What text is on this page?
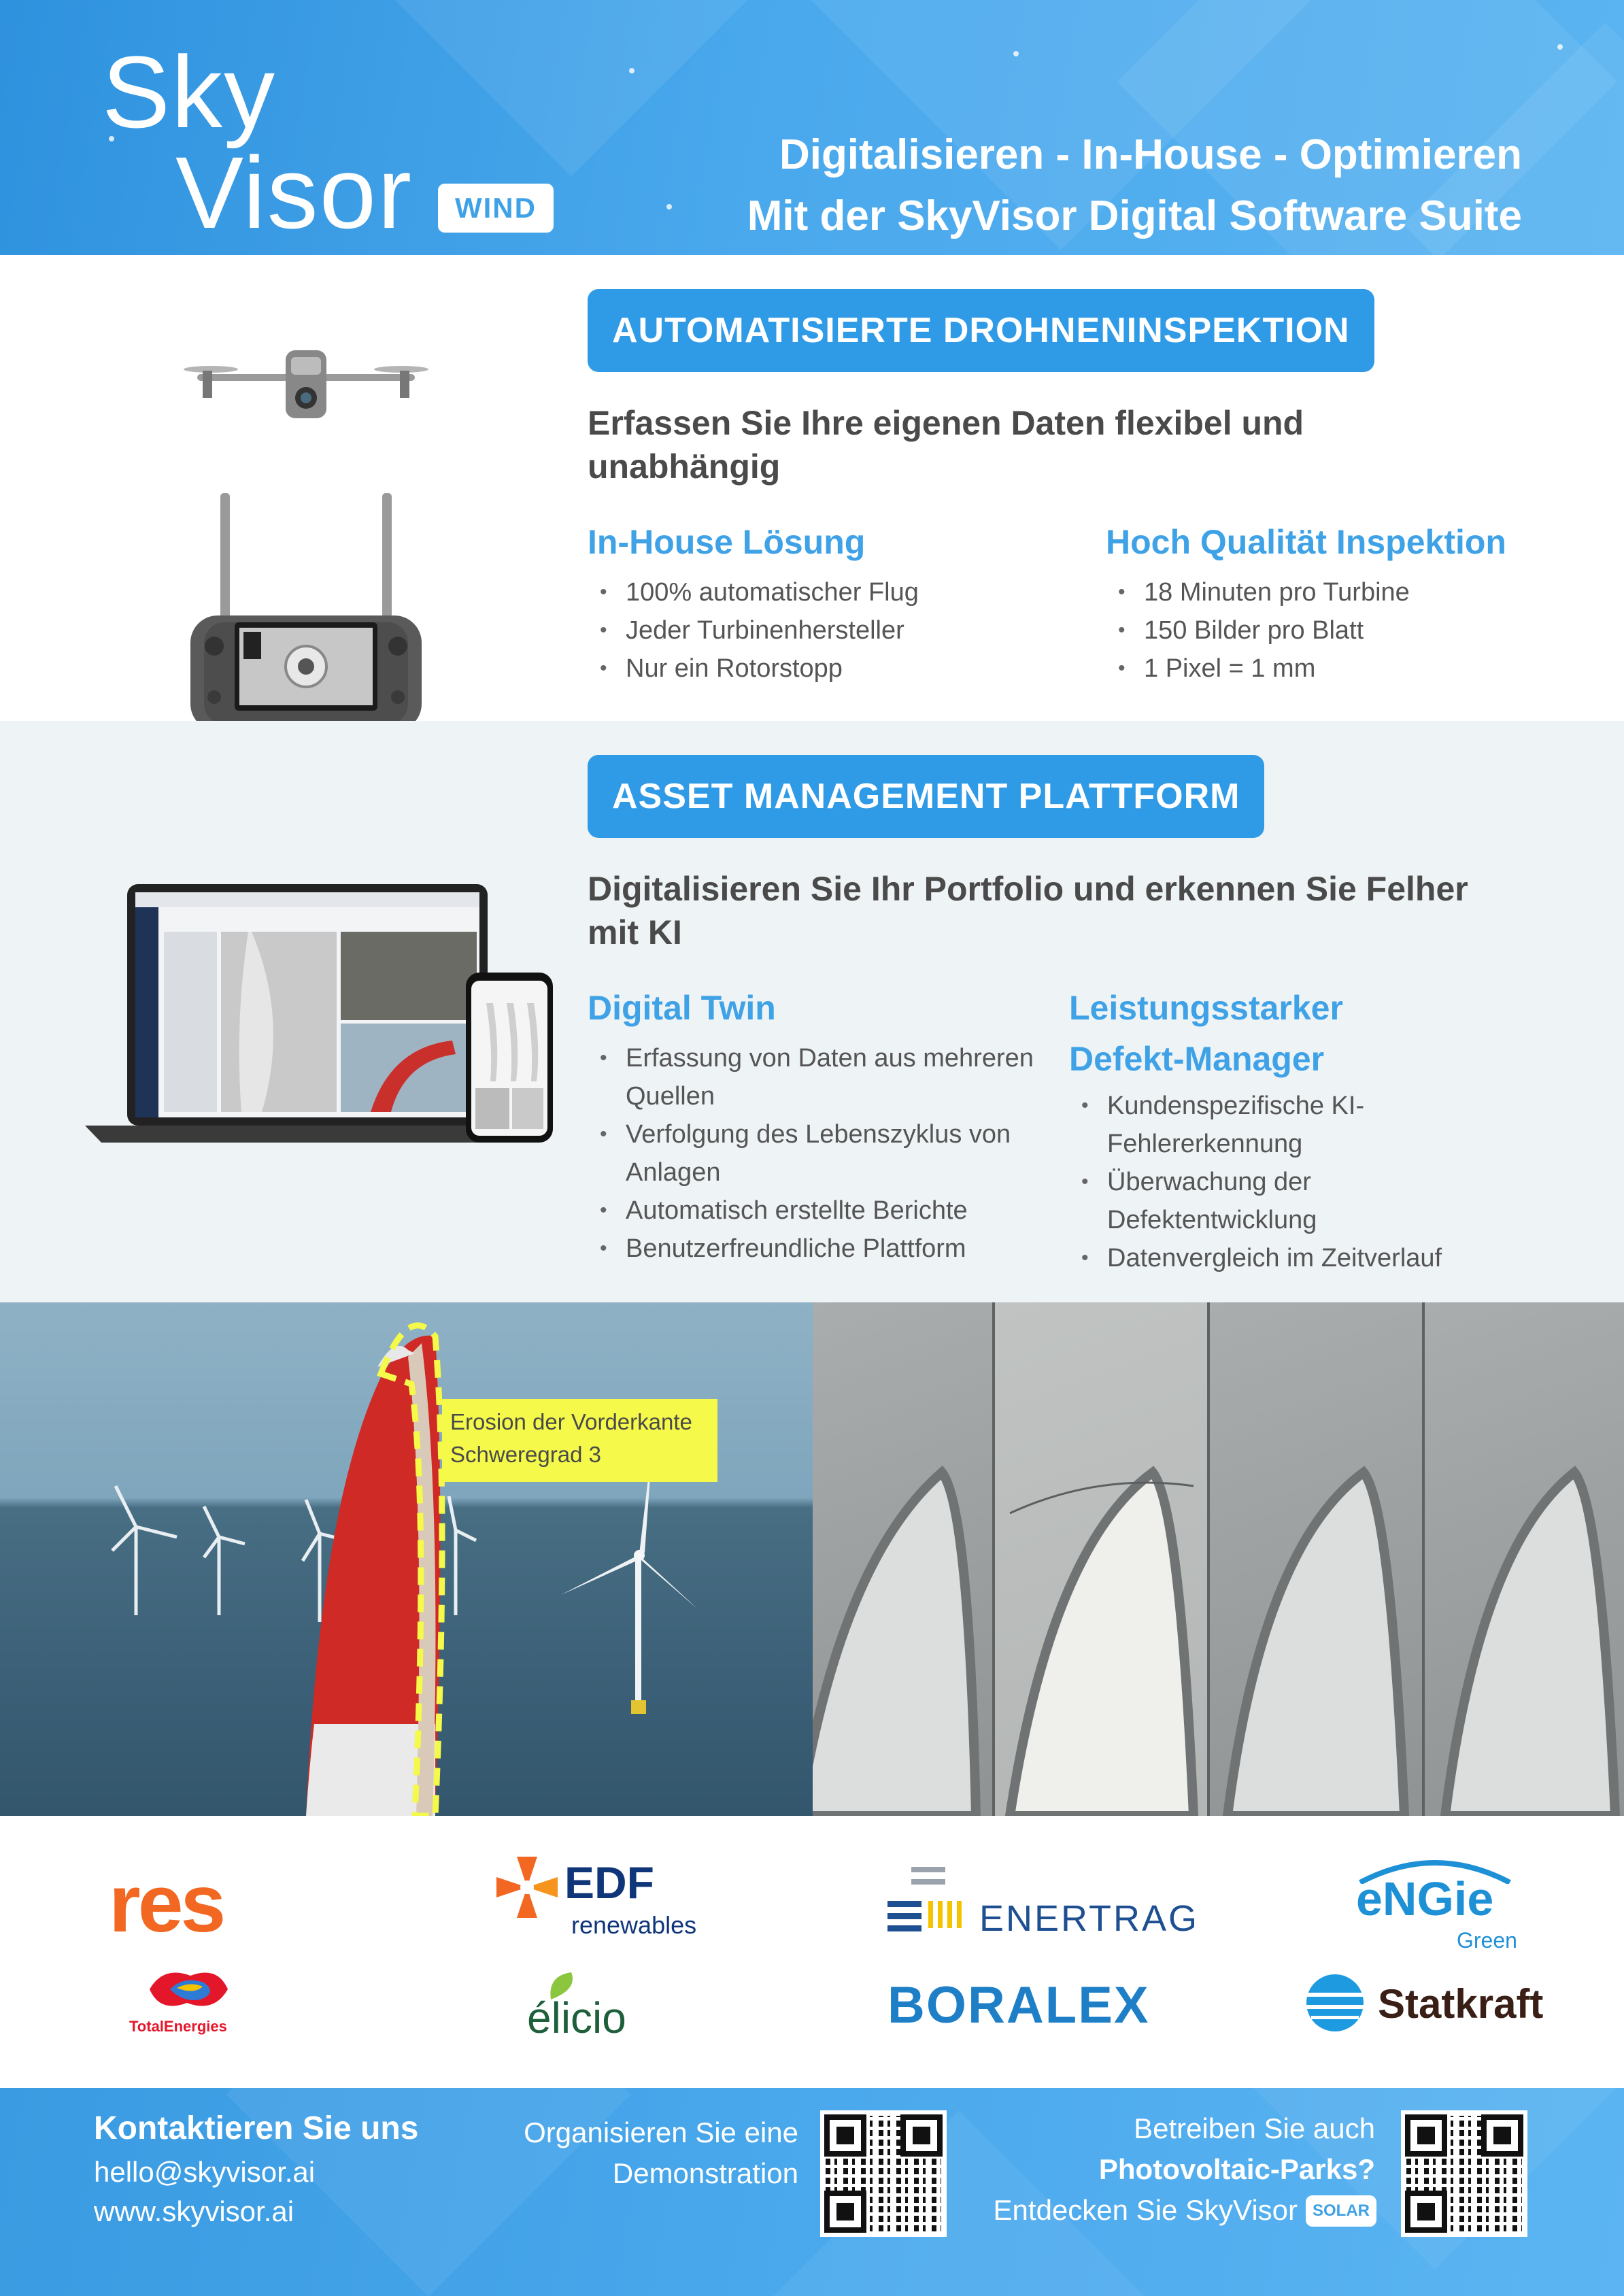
Sky
Visor	WIND
Digitalisieren - In-House - Optimieren
Mit der SkyVisor Digital Software Suite
AUTOMATISIERTE DROHNENINSPEKTION
Erfassen Sie Ihre eigenen Daten flexibel und unabhängig
In-House Lösung
• 100% automatischer Flug
• Jeder Turbinenhersteller
• Nur ein Rotorstopp
Hoch Qualität Inspektion
• 18 Minuten pro Turbine
• 150 Bilder pro Blatt
• 1 Pixel = 1 mm
ASSET MANAGEMENT PLATTFORM
Digitalisieren Sie Ihr Portfolio und erkennen Sie Felher mit KI
Digital Twin
• Erfassung von Daten aus mehreren Quellen
• Verfolgung des Lebenszyklus von Anlagen
• Automatisch erstellte Berichte
• Benutzerfreundliche Plattform
Leistungsstarker Defekt-Manager
• Kundenspezifische KI-Fehlererkennung
• Überwachung der Defektentwicklung
• Datenvergleich im Zeitverlauf
Erosion der Vorderkante
Schweregrad 3
res	EDF
renewables	ENERTRAG	eNGie
Green
TotalEnergies	élicio	BORALEX	Statkraft
Kontaktieren Sie uns
hello@skyvisor.ai
www.skyvisor.ai
Organisieren Sie eine
Demonstration
Betreiben Sie auch
Photovoltaic-Parks?
Entdecken Sie SkyVisor SOLAR
